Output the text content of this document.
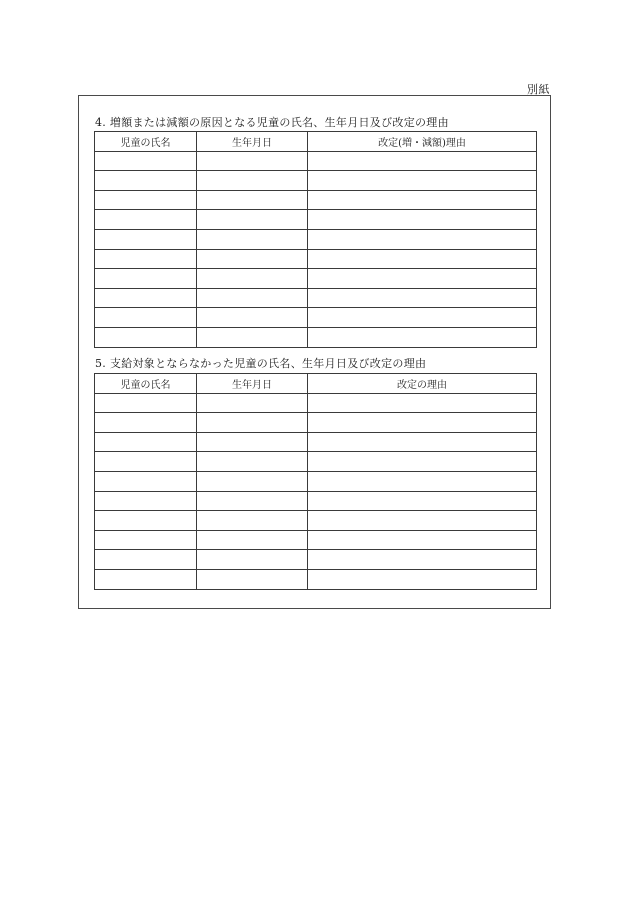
別紙
4. 増額または減額の原因となる児童の氏名、生年月日及び改定の理由
児童の氏名	生年月日	改定(増・減額)理由

5. 支給対象とならなかった児童の氏名、生年月日及び改定の理由
児童の氏名	生年月日	改定の理由
